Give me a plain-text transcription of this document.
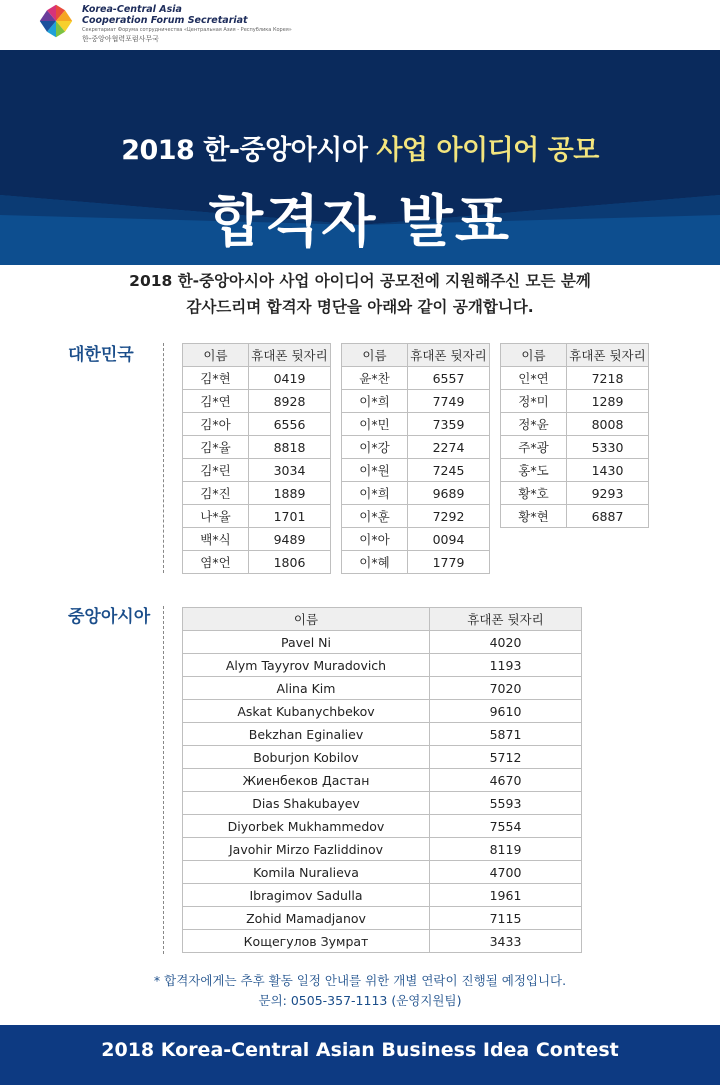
Korea-Central Asia
Cooperation Forum Secretariat
Секретариат Форума сотрудничества «Центральная Азия - Республика Корея»
한-중앙아협력포럼사무국
2018 한-중앙아시아 사업 아이디어 공모
합격자 발표
2018 한-중앙아시아 사업 아이디어 공모전에 지원해주신 모든 분께
감사드리며 합격자 명단을 아래와 같이 공개합니다.
대한민국	이름	휴대폰 뒷자리
김*현	0419
김*연	8928
김*아	6556
김*율	8818
김*린	3034
김*진	1889
나*율	1701
백*식	9489
염*언	1806
이름	휴대폰 뒷자리
윤*찬	6557
이*희	7749
이*민	7359
이*강	2274
이*원	7245
이*희	9689
이*훈	7292
이*아	0094
이*혜	1779
이름	휴대폰 뒷자리
인*연	7218
정*미	1289
정*윤	8008
주*광	5330
홍*도	1430
황*호	9293
황*현	6887
중앙아시아	이름	휴대폰 뒷자리
Pavel Ni	4020
Alym Tayyrov Muradovich	1193
Alina Kim	7020
Askat Kubanychbekov	9610
Bekzhan Eginaliev	5871
Boburjon Kobilov	5712
Жиенбеков Дастан	4670
Dias Shakubayev	5593
Diyorbek Mukhammedov	7554
Javohir Mirzo Fazliddinov	8119
Komila Nuralieva	4700
Ibragimov Sadulla	1961
Zohid Mamadjanov	7115
Кощегулов Зумрат	3433
* 합격자에게는 추후 활동 일정 안내를 위한 개별 연락이 진행될 예정입니다.
문의: 0505-357-1113 (운영지원팀)
2018 Korea-Central Asian Business Idea Contest
